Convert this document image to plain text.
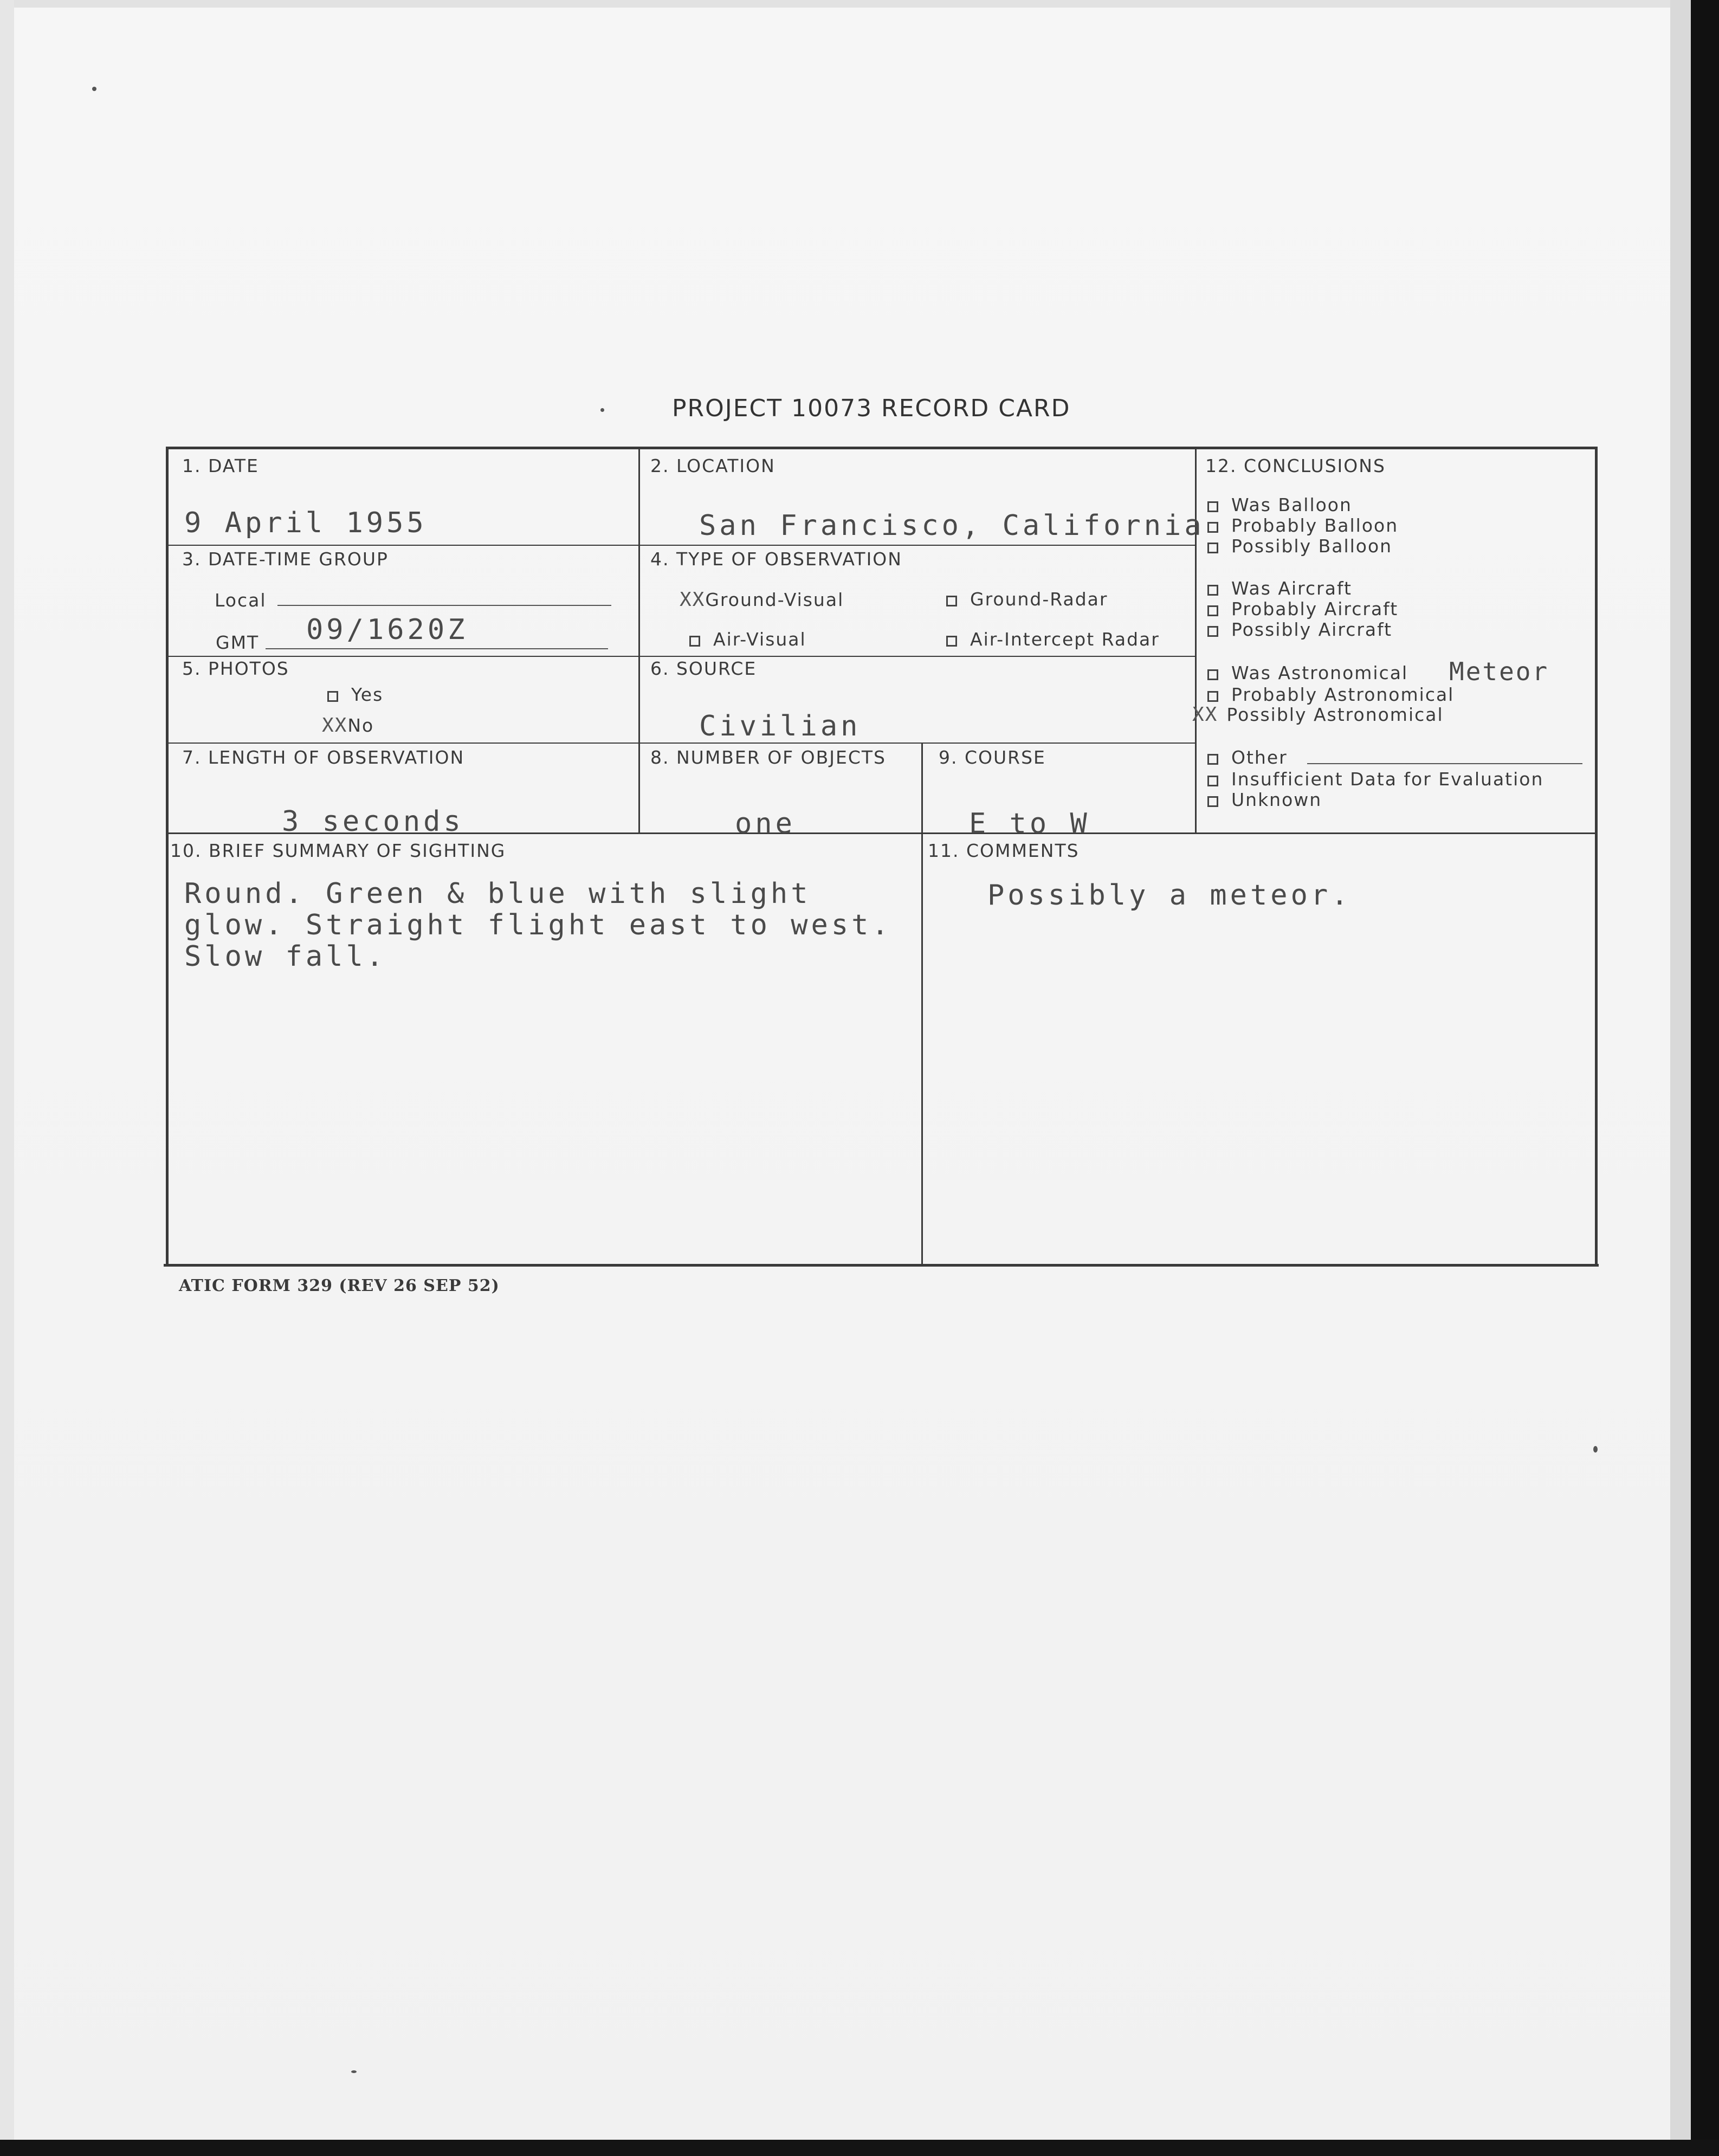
PROJECT 10073 RECORD CARD
1. DATE
9 April 1955
2. LOCATION
San Francisco, California
3. DATE-TIME GROUP
Local
GMT 09/1620Z
4. TYPE OF OBSERVATION
XXGround-Visual	Ground-Radar
Air-Visual	Air-Intercept Radar
5. PHOTOS
Yes
XXNo
6. SOURCE
Civilian
7. LENGTH OF OBSERVATION
3 seconds
8. NUMBER OF OBJECTS
one
9. COURSE
E to W
10. BRIEF SUMMARY OF SIGHTING
Round. Green & blue with slight glow. Straight flight east to west. Slow fall.
11. COMMENTS
Possibly a meteor.
12. CONCLUSIONS
Was Balloon
Probably Balloon
Possibly Balloon
Was Aircraft
Probably Aircraft
Possibly Aircraft
Was Astronomical Meteor
Probably Astronomical
XX Possibly Astronomical
Other
Insufficient Data for Evaluation
Unknown
ATIC FORM 329 (REV 26 SEP 52)
